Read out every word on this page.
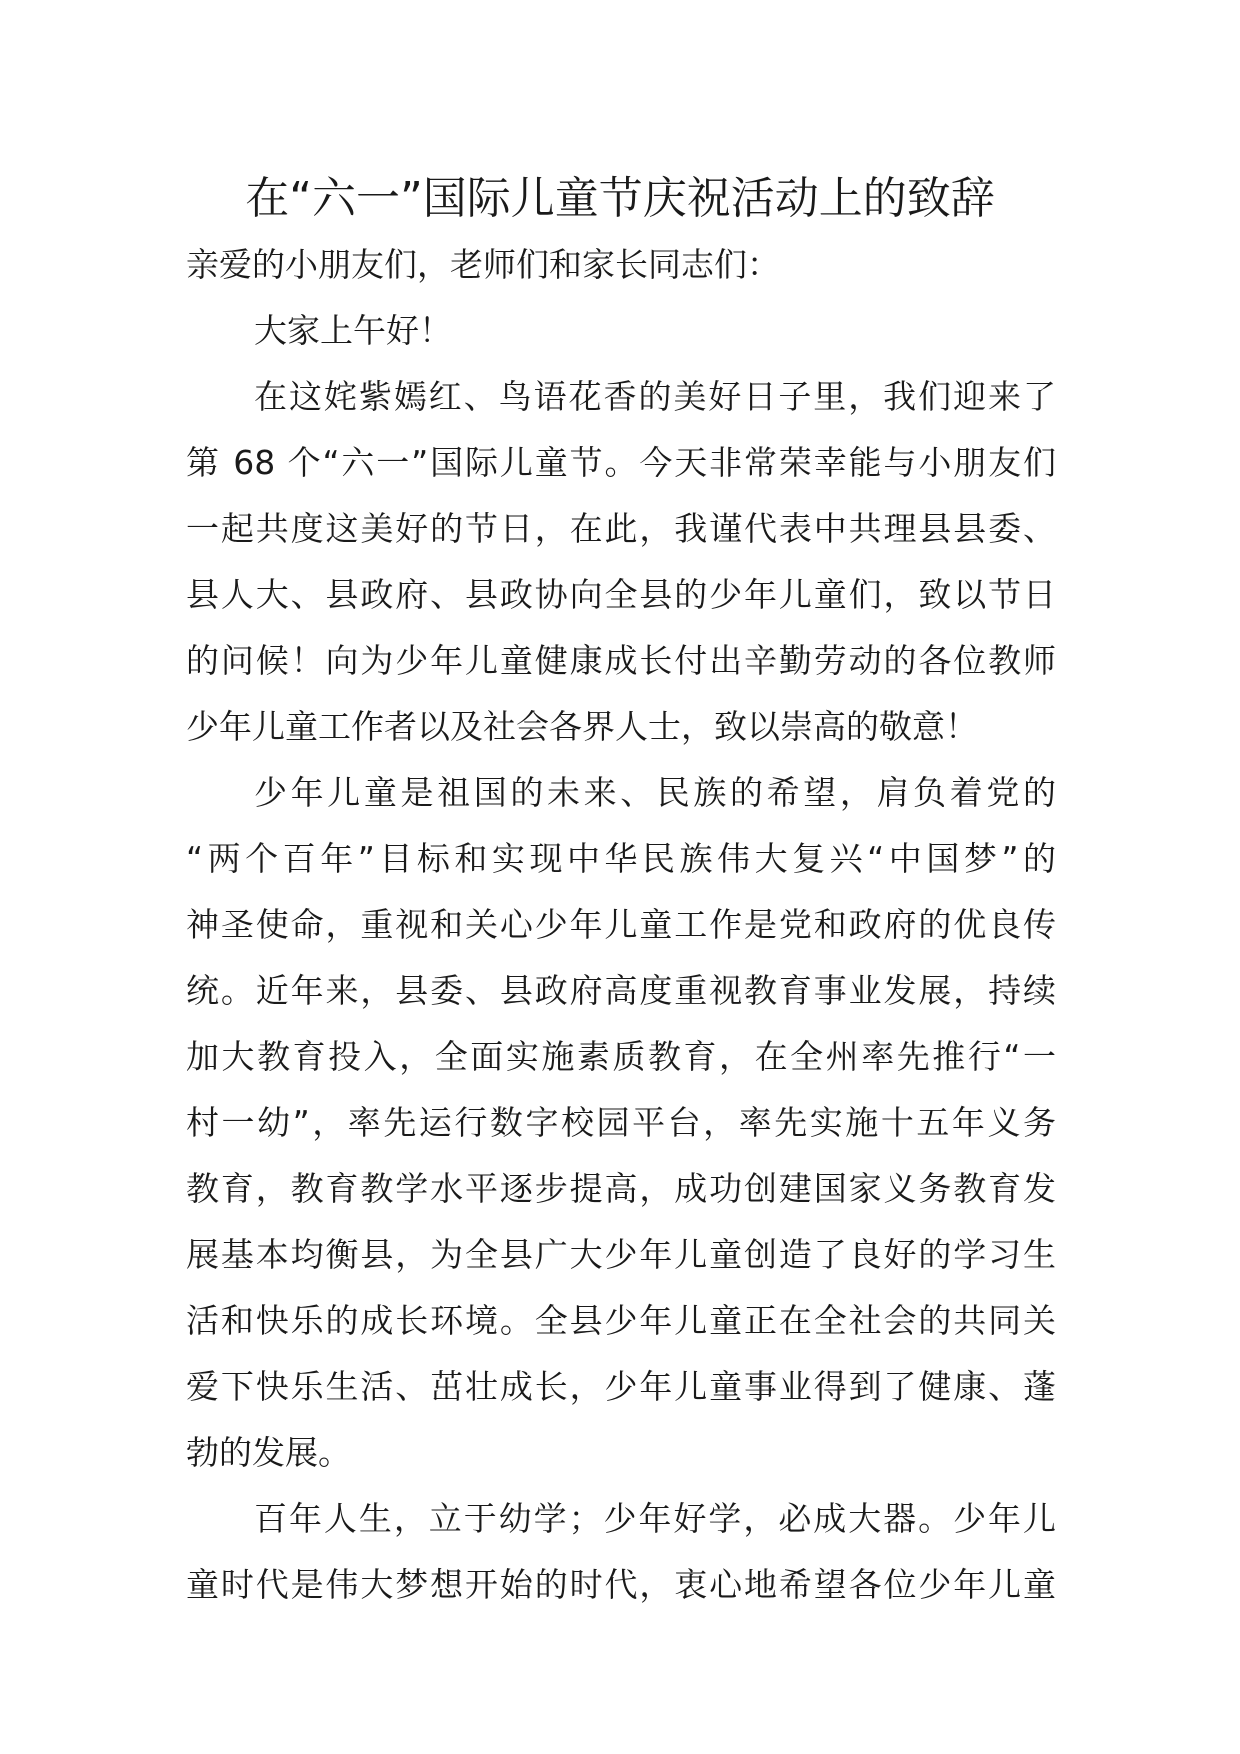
在“六一”国际儿童节庆祝活动上的致辞
亲爱的小朋友们，老师们和家长同志们：
大家上午好！
在这姹紫嫣红、鸟语花香的美好日子里，我们迎来了
第 68 个“六一”国际儿童节。今天非常荣幸能与小朋友们
一起共度这美好的节日，在此，我谨代表中共理县县委、
县人大、县政府、县政协向全县的少年儿童们，致以节日
的问候！向为少年儿童健康成长付出辛勤劳动的各位教师
少年儿童工作者以及社会各界人士，致以崇高的敬意！
少年儿童是祖国的未来、民族的希望，肩负着党的
“两个百年”目标和实现中华民族伟大复兴“中国梦”的
神圣使命，重视和关心少年儿童工作是党和政府的优良传
统。近年来，县委、县政府高度重视教育事业发展，持续
加大教育投入，全面实施素质教育，在全州率先推行“一
村一幼”，率先运行数字校园平台，率先实施十五年义务
教育，教育教学水平逐步提高，成功创建国家义务教育发
展基本均衡县，为全县广大少年儿童创造了良好的学习生
活和快乐的成长环境。全县少年儿童正在全社会的共同关
爱下快乐生活、茁壮成长，少年儿童事业得到了健康、蓬
勃的发展。
百年人生，立于幼学；少年好学，必成大器。少年儿
童时代是伟大梦想开始的时代，衷心地希望各位少年儿童
